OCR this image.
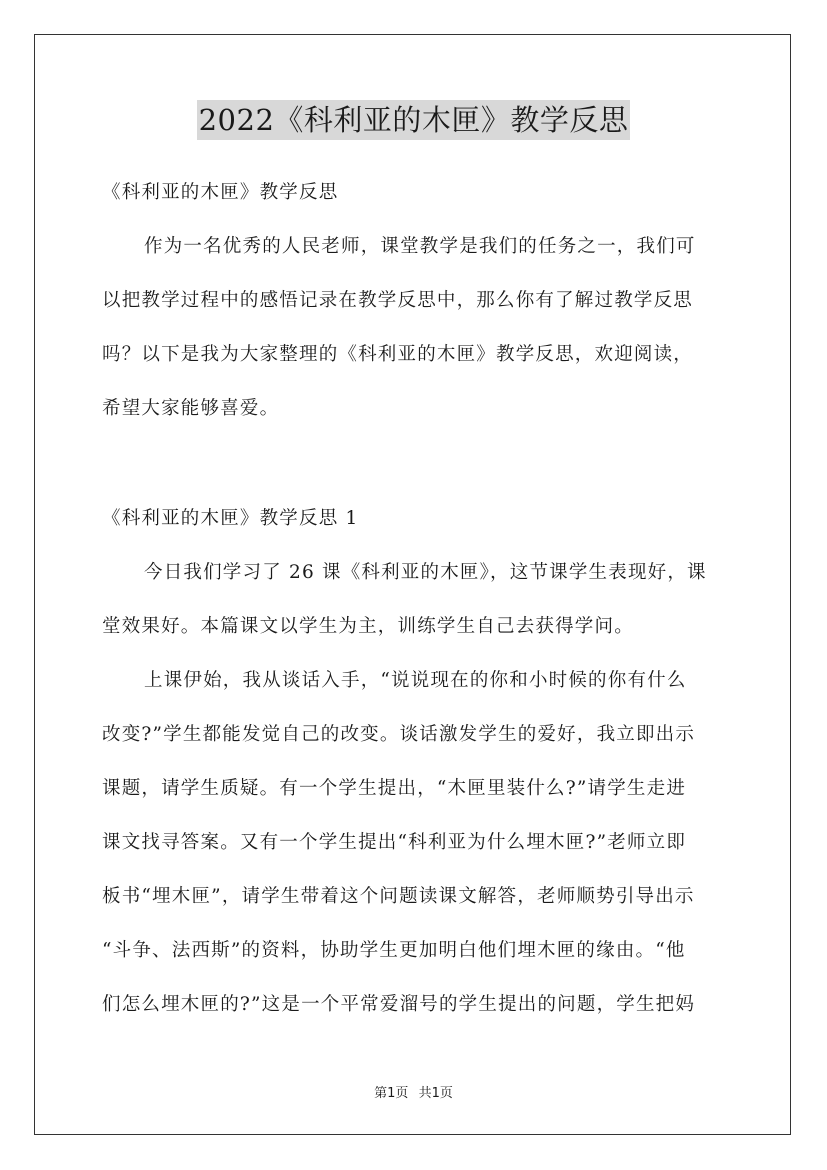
2022《科利亚的木匣》教学反思
《科利亚的木匣》教学反思
作为一名优秀的人民老师，课堂教学是我们的任务之一，我们可
以把教学过程中的感悟记录在教学反思中，那么你有了解过教学反思
吗？以下是我为大家整理的《科利亚的木匣》教学反思，欢迎阅读，
希望大家能够喜爱。
《科利亚的木匣》教学反思 1
今日我们学习了 26 课《科利亚的木匣》，这节课学生表现好，课
堂效果好。本篇课文以学生为主，训练学生自己去获得学问。
上课伊始，我从谈话入手，“说说现在的你和小时候的你有什么
改变?”学生都能发觉自己的改变。谈话激发学生的爱好，我立即出示
课题，请学生质疑。有一个学生提出，“木匣里装什么?”请学生走进
课文找寻答案。又有一个学生提出“科利亚为什么埋木匣?”老师立即
板书“埋木匣”，请学生带着这个问题读课文解答，老师顺势引导出示
“斗争、法西斯”的资料，协助学生更加明白他们埋木匣的缘由。“他
们怎么埋木匣的?”这是一个平常爱溜号的学生提出的问题，学生把妈
第1页 共1页
